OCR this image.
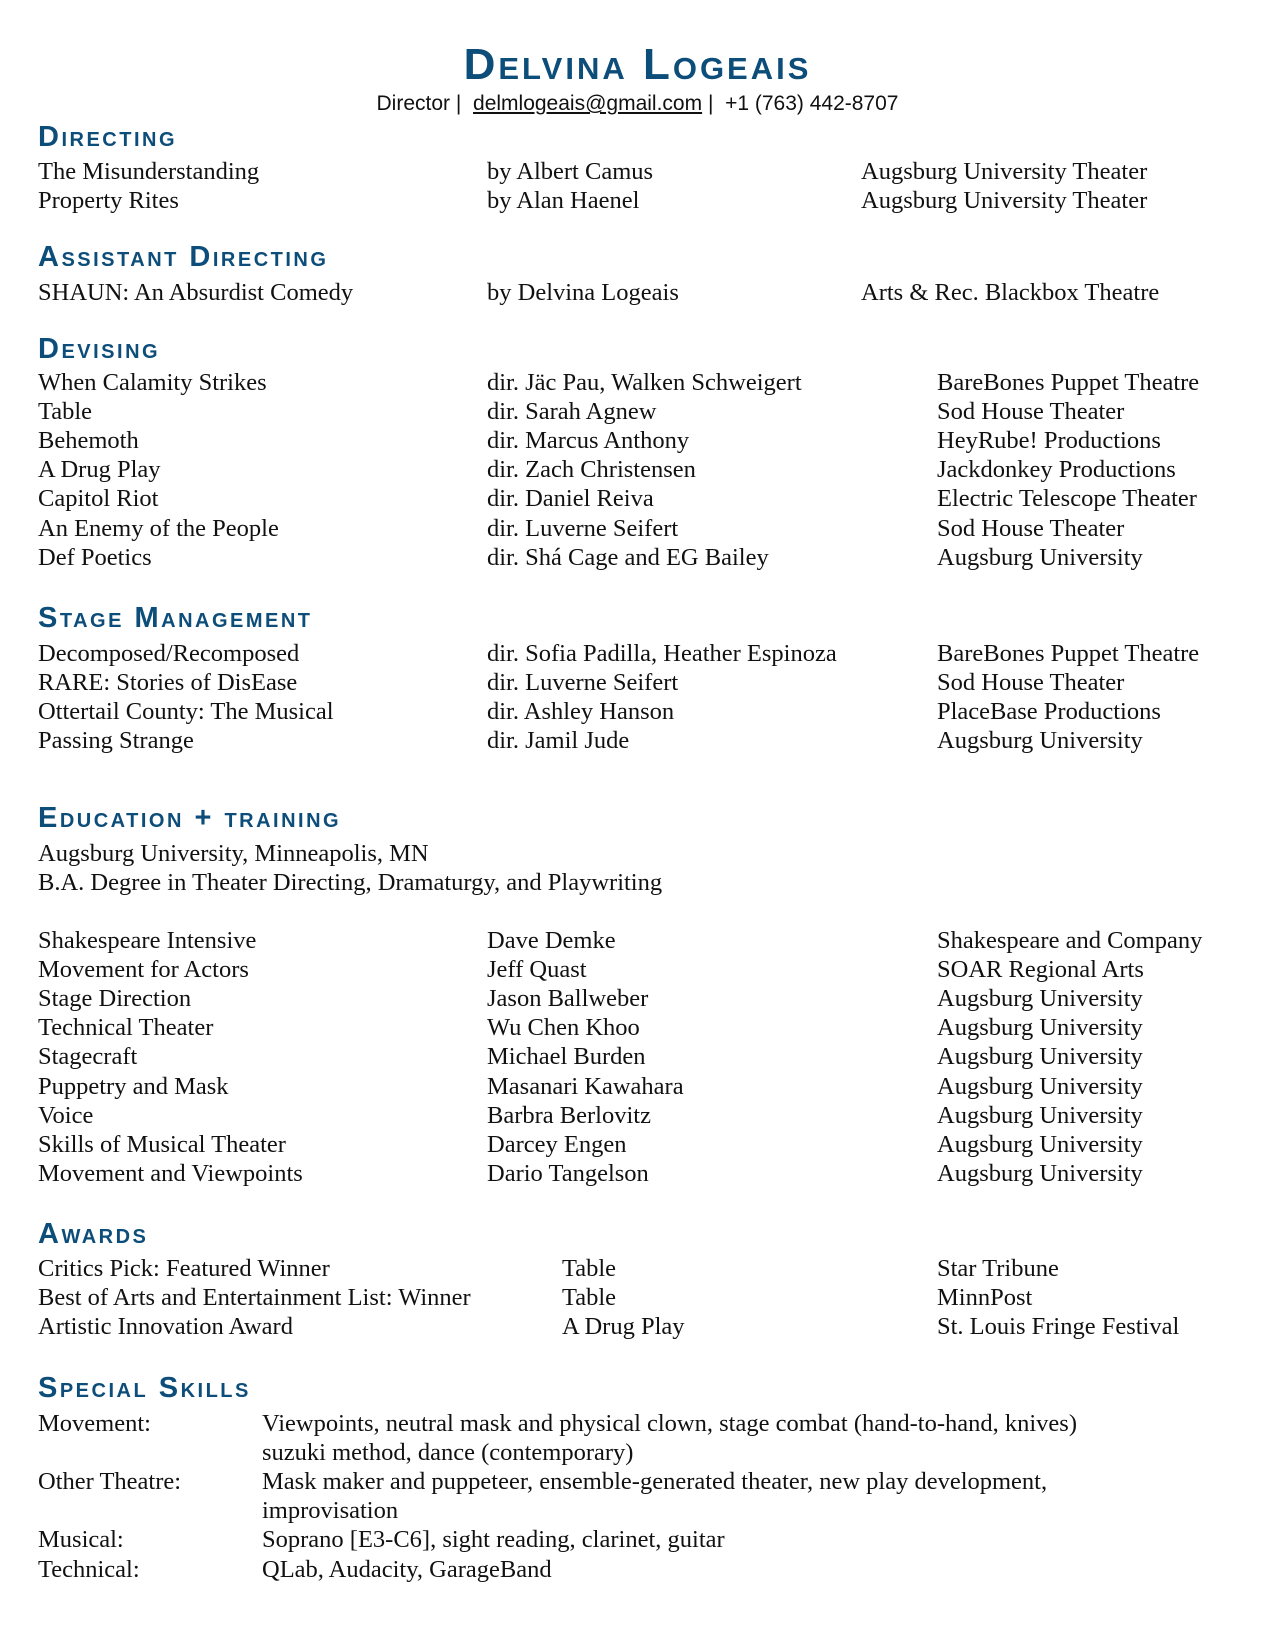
Delvina Logeais
Director | delmlogeais@gmail.com | +1 (763) 442-8707
Directing
The Misunderstanding	by Albert Camus	Augsburg University Theater
Property Rites	by Alan Haenel	Augsburg University Theater
Assistant Directing
SHAUN: An Absurdist Comedy	by Delvina Logeais	Arts & Rec. Blackbox Theatre
Devising
When Calamity Strikes	dir. Jäc Pau, Walken Schweigert	BareBones Puppet Theatre
Table	dir. Sarah Agnew	Sod House Theater
Behemoth	dir. Marcus Anthony	HeyRube! Productions
A Drug Play	dir. Zach Christensen	Jackdonkey Productions
Capitol Riot	dir. Daniel Reiva	Electric Telescope Theater
An Enemy of the People	dir. Luverne Seifert	Sod House Theater
Def Poetics	dir. Shá Cage and EG Bailey	Augsburg University
Stage Management
Decomposed/Recomposed	dir. Sofia Padilla, Heather Espinoza	BareBones Puppet Theatre
RARE: Stories of DisEase	dir. Luverne Seifert	Sod House Theater
Ottertail County: The Musical	dir. Ashley Hanson	PlaceBase Productions
Passing Strange	dir. Jamil Jude	Augsburg University
Education + training
Augsburg University, Minneapolis, MN
B.A. Degree in Theater Directing, Dramaturgy, and Playwriting
Shakespeare Intensive	Dave Demke	Shakespeare and Company
Movement for Actors	Jeff Quast	SOAR Regional Arts
Stage Direction	Jason Ballweber	Augsburg University
Technical Theater	Wu Chen Khoo	Augsburg University
Stagecraft	Michael Burden	Augsburg University
Puppetry and Mask	Masanari Kawahara	Augsburg University
Voice	Barbra Berlovitz	Augsburg University
Skills of Musical Theater	Darcey Engen	Augsburg University
Movement and Viewpoints	Dario Tangelson	Augsburg University
Awards
Critics Pick: Featured Winner	Table	Star Tribune
Best of Arts and Entertainment List: Winner	Table	MinnPost
Artistic Innovation Award	A Drug Play	St. Louis Fringe Festival
Special Skills
Movement:	Viewpoints, neutral mask and physical clown, stage combat (hand-to-hand, knives)
suzuki method, dance (contemporary)
Other Theatre:	Mask maker and puppeteer, ensemble-generated theater, new play development,
improvisation
Musical:	Soprano [E3-C6], sight reading, clarinet, guitar
Technical:	QLab, Audacity, GarageBand
